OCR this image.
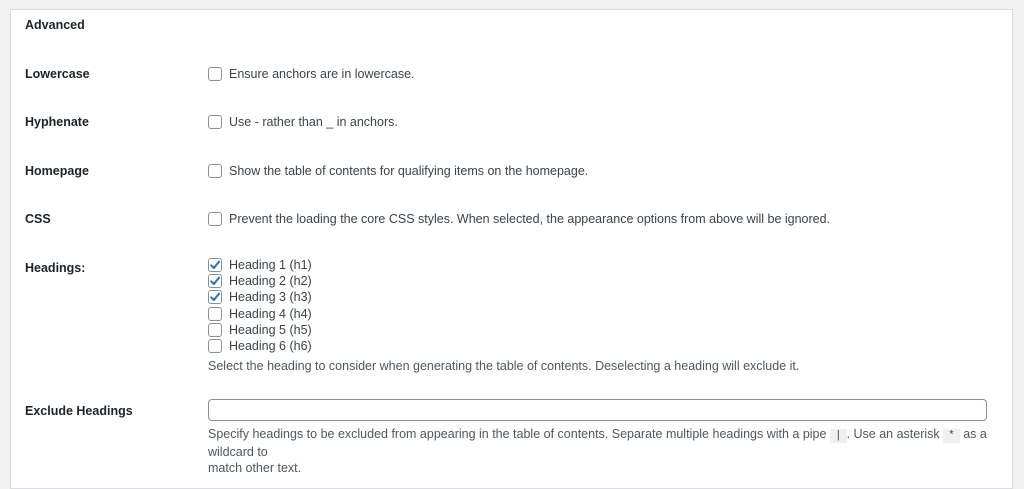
Advanced
Lowercase	Ensure anchors are in lowercase.
Hyphenate	Use - rather than _ in anchors.
Homepage	Show the table of contents for qualifying items on the homepage.
CSS	Prevent the loading the core CSS styles. When selected, the appearance options from above will be ignored.
Headings:	Heading 1 (h1)
Heading 2 (h2)
Heading 3 (h3)
Heading 4 (h4)
Heading 5 (h5)
Heading 6 (h6)
Select the heading to consider when generating the table of contents. Deselecting a heading will exclude it.
Exclude Headings
Specify headings to be excluded from appearing in the table of contents. Separate multiple headings with a pipe | . Use an asterisk * as a wildcard to
match other text.
